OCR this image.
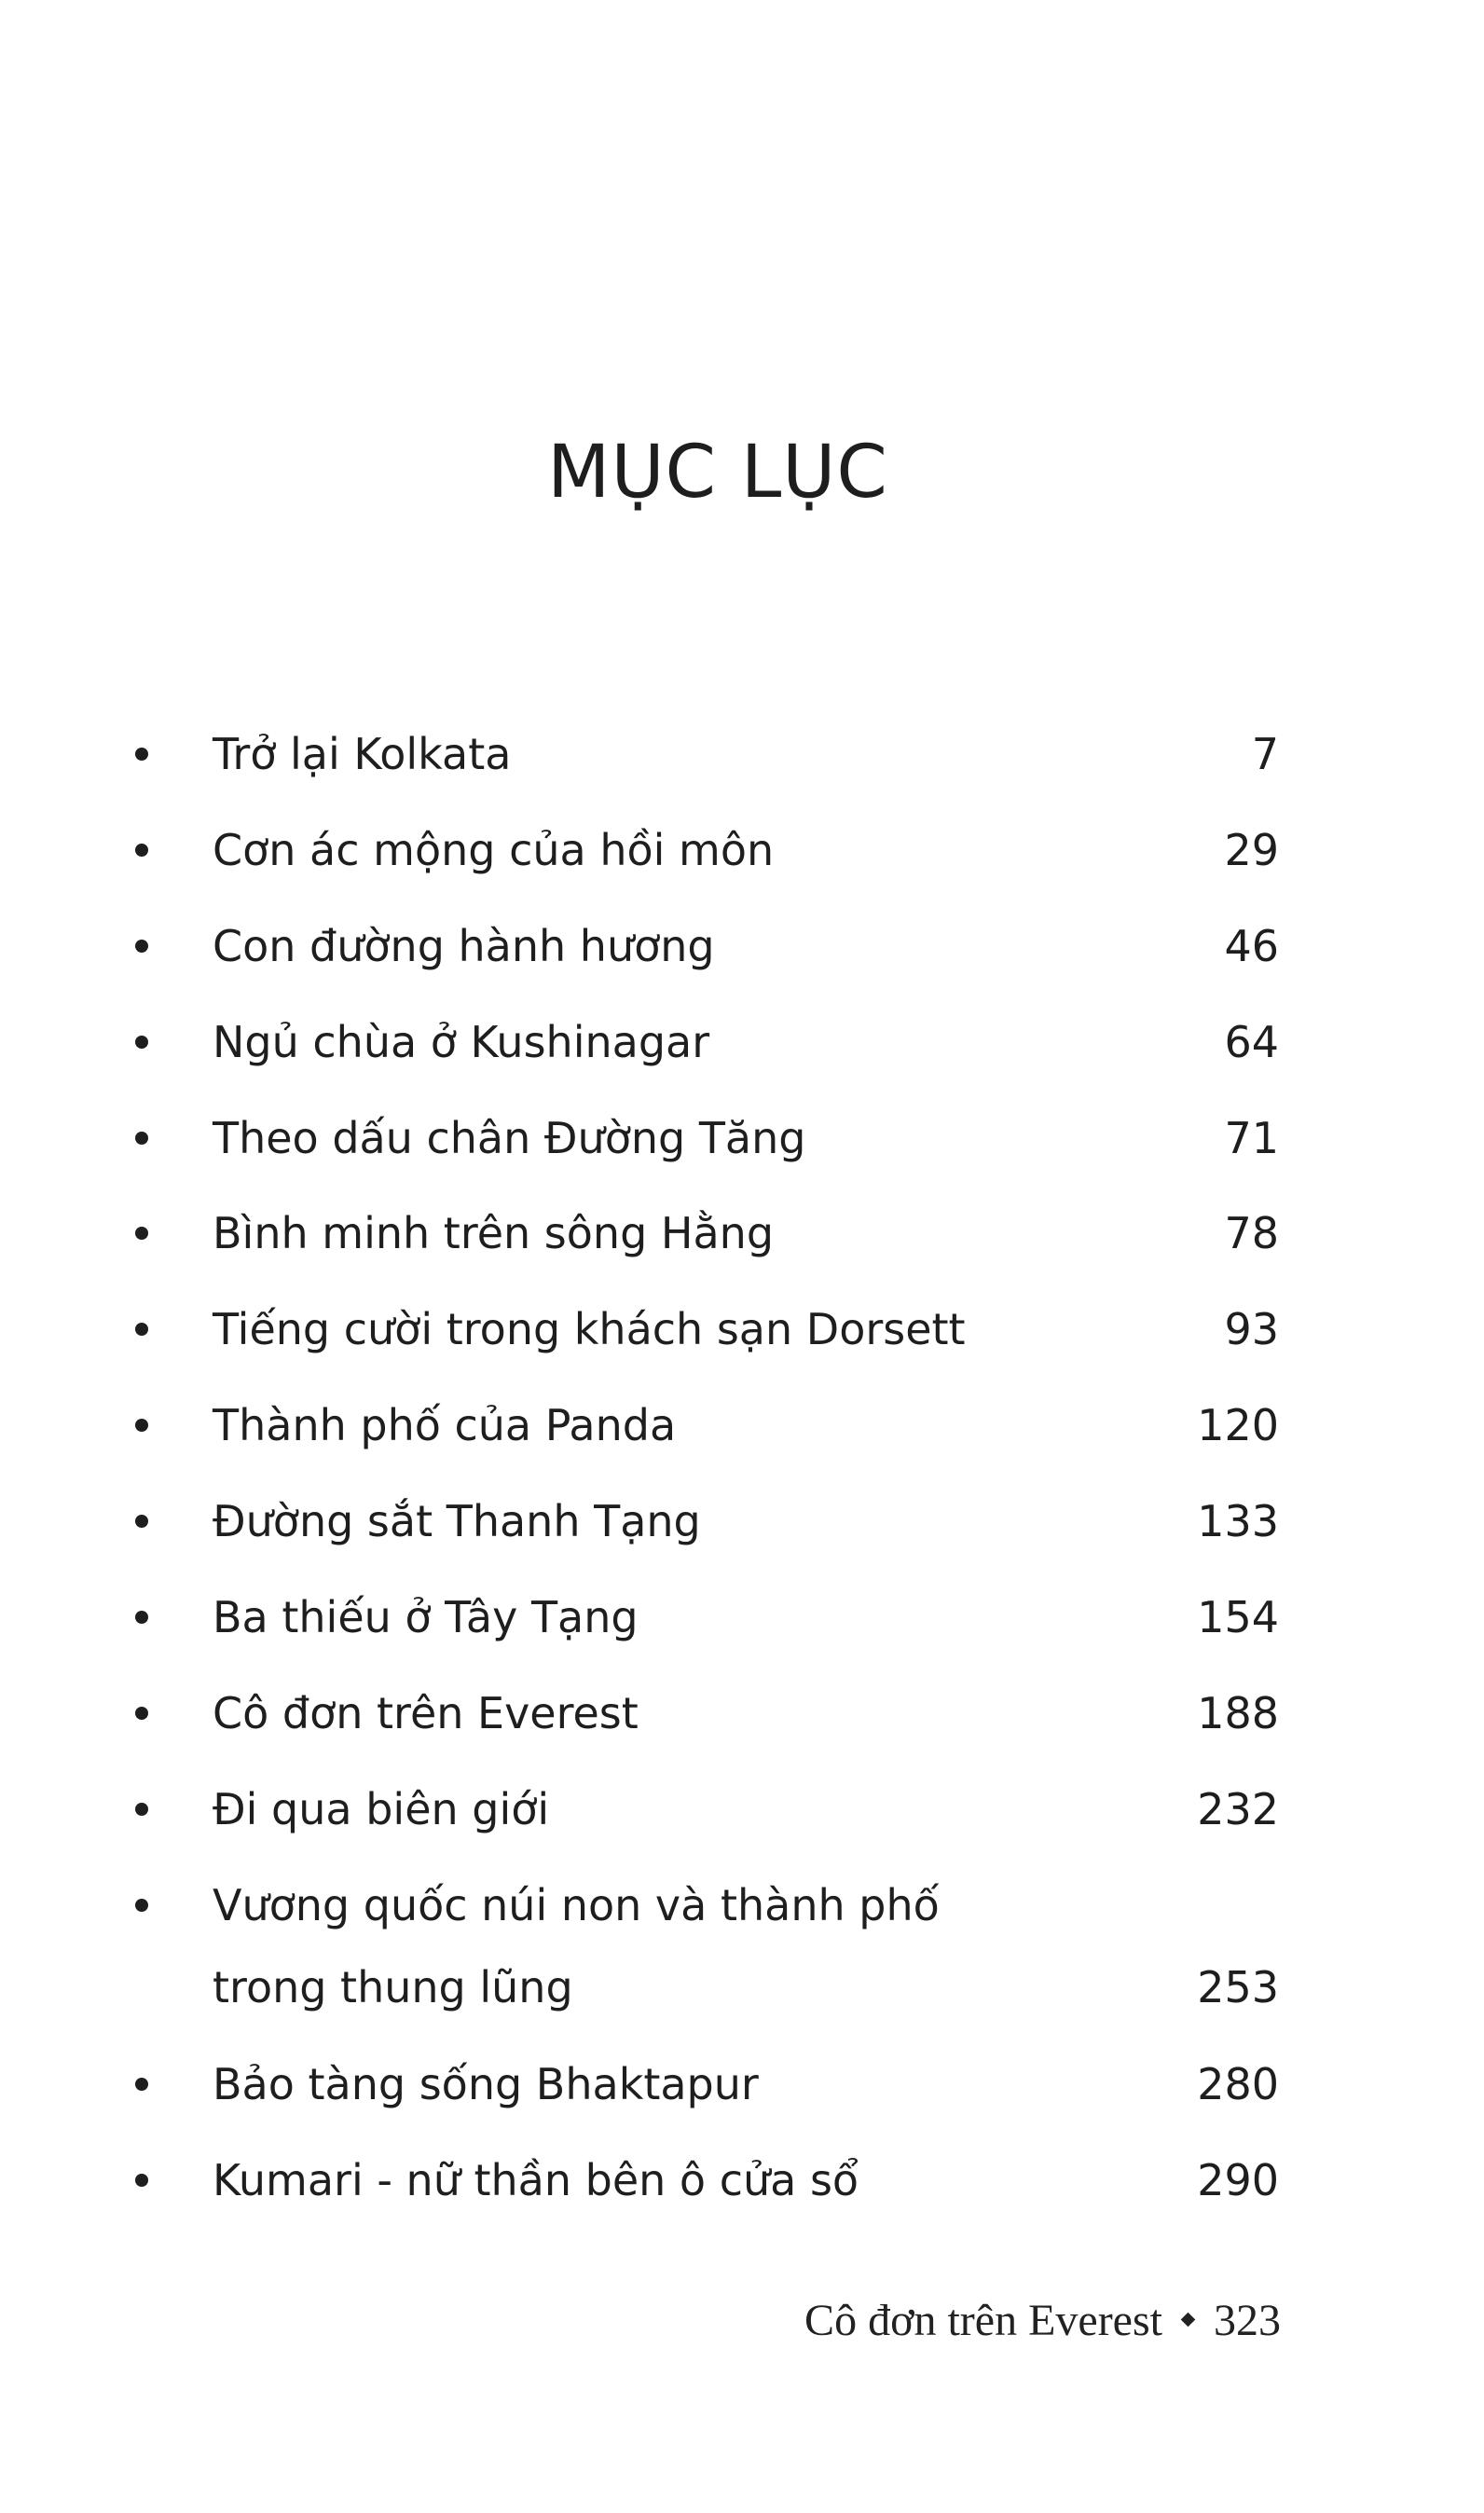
MỤC LỤC
Trở lại Kolkata	7
Cơn ác mộng của hồi môn	29
Con đường hành hương	46
Ngủ chùa ở Kushinagar	64
Theo dấu chân Đường Tăng	71
Bình minh trên sông Hằng	78
Tiếng cười trong khách sạn Dorsett	93
Thành phố của Panda	120
Đường sắt Thanh Tạng	133
Ba thiếu ở Tây Tạng	154
Cô đơn trên Everest	188
Đi qua biên giới	232
Vương quốc núi non và thành phố
trong thung lũng	253
Bảo tàng sống Bhaktapur	280
Kumari - nữ thần bên ô cửa sổ	290
Cô đơn trên Everest 323
